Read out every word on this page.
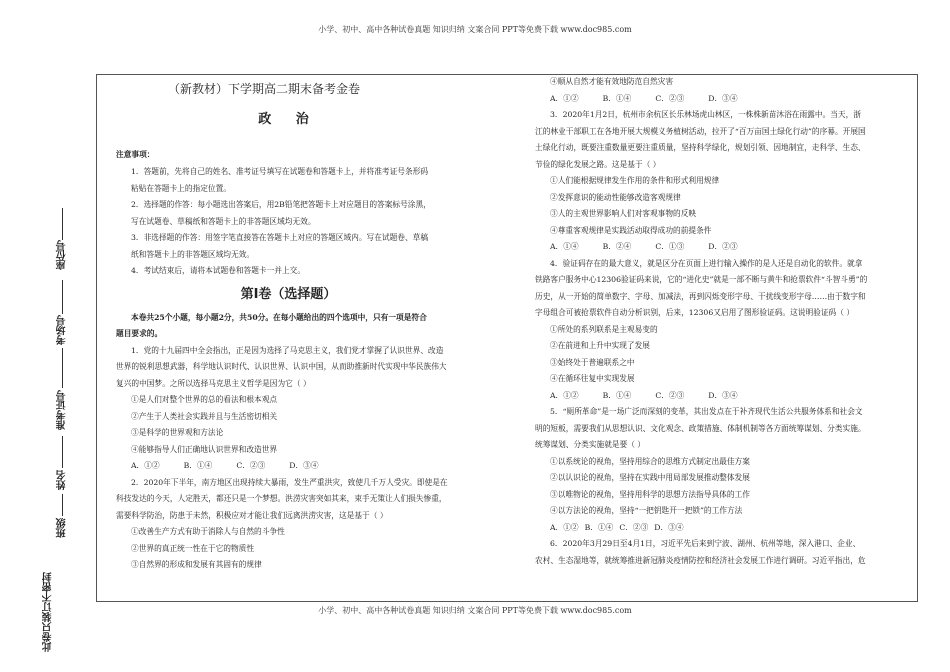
小学、初中、高中各种试卷真题 知识归纳 文案合同 PPT等免费下载 www.doc985.com
座位号
考场号
准考证号
姓名
班级
此卷只装订不密封
（新教材）下学期高二期末备考金卷
政 治
注意事项：
1．答题前，先将自己的姓名、准考证号填写在试题卷和答题卡上，并将准考证号条形码
粘贴在答题卡上的指定位置。
2．选择题的作答：每小题选出答案后，用2B铅笔把答题卡上对应题目的答案标号涂黑，
写在试题卷、草稿纸和答题卡上的非答题区域均无效。
3．非选择题的作答：用签字笔直接答在答题卡上对应的答题区域内。写在试题卷、草稿
纸和答题卡上的非答题区域均无效。
4．考试结束后，请将本试题卷和答题卡一并上交。
第Ⅰ卷（选择题）
本卷共25个小题，每小题2分，共50分。在每小题给出的四个选项中，只有一项是符合
题目要求的。
1．党的十九届四中全会指出，正是因为选择了马克思主义，我们党才掌握了认识世界、改造
世界的锐利思想武器，科学地认识时代、认识世界、认识中国，从而助推新时代实现中华民族伟大
复兴的中国梦。之所以选择马克思主义哲学是因为它（ ）
①是人们对整个世界的总的看法和根本观点
②产生于人类社会实践并且与生活密切相关
③是科学的世界观和方法论
④能够指导人们正确地认识世界和改造世界
A．①②	B．①④	C．②③	D．③④
2．2020年下半年，南方地区出现持续大暴雨，发生严重洪灾，致使几千万人受灾。即使是在
科技发达的今天，人定胜天，都还只是一个梦想。洪涝灾害突如其来，束手无策让人们损失惨重，
需要科学防治，防患于未然，积极应对才能让我们远离洪涝灾害，这是基于（ ）
①改善生产方式有助于消除人与自然的斗争性
②世界的真正统一性在于它的物质性
③自然界的形成和发展有其固有的规律
④顺从自然才能有效地防范自然灾害
A．①②	B．①④	C．②③	D．③④
3．2020年1月2日，杭州市余杭区长乐林场虎山林区，一株株新苗沐浴在雨露中。当天，浙
江的林业干部职工在各地开展大规模义务植树活动，拉开了“百万亩国土绿化行动”的序幕。开展国
土绿化行动，既要注重数量更要注重质量，坚持科学绿化，规划引领、因地制宜，走科学、生态、
节俭的绿化发展之路。这是基于（ ）
①人们能根据规律发生作用的条件和形式利用规律
②发挥意识的能动性能够改造客观规律
③人的主观世界影响人们对客观事物的反映
④尊重客观规律是实践活动取得成功的前提条件
A．①④	B．②④	C．①③	D．②③
4．验证码存在的最大意义，就是区分在页面上进行输入操作的是人还是自动化的软件。就拿
铁路客户服务中心12306验证码来说，它的“进化史”就是一部不断与黄牛和抢票软件“斗智斗勇”的
历史，从一开始的简单数字、字母、加减法，再到闪烁变形字母、干扰线变形字母……由于数字和
字母组合可被抢票软件自动分析识别，后来，12306又启用了图形验证码。这说明验证码（ ）
①所处的系列联系是主观易变的
②在前进和上升中实现了发展
③始终处于普遍联系之中
④在循环往复中实现发展
A．①②	B．①④	C．②③	D．③④
5．“厕所革命”是一场广泛而深刻的变革，其出发点在于补齐现代生活公共服务体系和社会文
明的短板，需要我们从思想认识、文化观念、政策措施、体制机制等各方面统筹谋划、分类实施。
统筹谋划、分类实施就是要（ ）
①以系统论的视角，坚持用综合的思维方式制定出最佳方案
②以认识论的视角，坚持在实践中用局部发展推动整体发展
③以唯物论的视角，坚持用科学的思想方法指导具体的工作
④以方法论的视角，坚持“一把钥匙开一把锁”的工作方法
A．①② B．①④ C．②③ D．③④
6．2020年3月29日至4月1日，习近平先后来到宁波、湖州、杭州等地，深入港口、企业、
农村、生态湿地等，就统筹推进新冠肺炎疫情防控和经济社会发展工作进行调研。习近平指出，危
小学、初中、高中各种试卷真题 知识归纳 文案合同 PPT等免费下载 www.doc985.com
